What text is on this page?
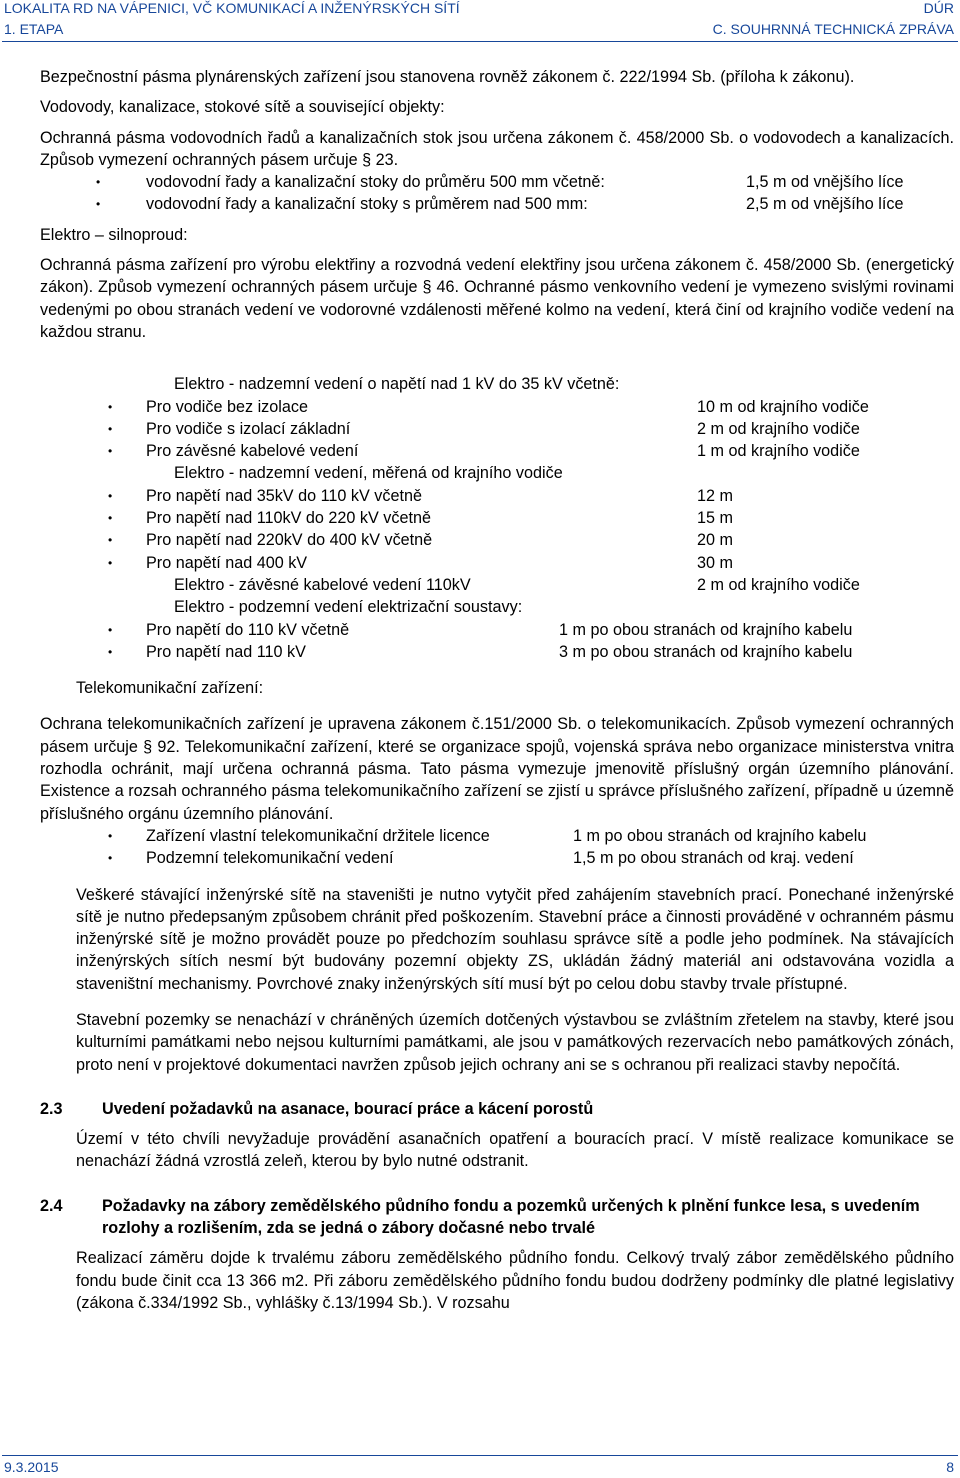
LOKALITA RD NA VÁPENICI, VČ KOMUNIKACÍ A INŽENÝRSKÝCH SÍTÍ	DÚR
1. ETAPA	C. SOUHRNNÁ TECHNICKÁ ZPRÁVA

Bezpečnostní pásma plynárenských zařízení jsou stanovena rovněž zákonem č. 222/1994 Sb. (příloha k zákonu).

Vodovody, kanalizace, stokové sítě a související objekty:

Ochranná pásma vodovodních řadů a kanalizačních stok jsou určena zákonem č. 458/2000 Sb. o vodovodech a kanalizacích. Způsob vymezení ochranných pásem určuje § 23.

•	vodovodní řady a kanalizační stoky do průměru 500 mm včetně:	1,5 m od vnějšího líce
•	vodovodní řady a kanalizační stoky s průměrem nad 500 mm:	2,5 m od vnějšího líce

Elektro – silnoproud:

Ochranná pásma zařízení pro výrobu elektřiny a rozvodná vedení elektřiny jsou určena zákonem č. 458/2000 Sb. (energetický zákon). Způsob vymezení ochranných pásem určuje § 46. Ochranné pásmo venkovního vedení je vymezeno svislými rovinami vedenými po obou stranách vedení ve vodorovné vzdálenosti měřené kolmo na vedení, která činí od krajního vodiče vedení na každou stranu.

Elektro - nadzemní vedení o napětí nad 1 kV do 35 kV včetně:
• Pro vodiče bez izolace	10 m od krajního vodiče
• Pro vodiče s izolací základní	2 m od krajního vodiče
• Pro závěsné kabelové vedení	1 m od krajního vodiče
Elektro - nadzemní vedení, měřená od krajního vodiče
• Pro napětí nad 35kV do 110 kV včetně	12 m
• Pro napětí nad 110kV do 220 kV včetně	15 m
• Pro napětí nad 220kV do 400 kV včetně	20 m
• Pro napětí nad 400 kV	30 m
Elektro - závěsné kabelové vedení 110kV	2 m od krajního vodiče
Elektro - podzemní vedení elektrizační soustavy:
• Pro napětí do 110 kV včetně	1 m po obou stranách od krajního kabelu
• Pro napětí nad 110 kV	3 m po obou stranách od krajního kabelu
Telekomunikační zařízení:

Ochrana telekomunikačních zařízení je upravena zákonem č.151/2000 Sb. o telekomunikacích. Způsob vymezení ochranných pásem určuje § 92. Telekomunikační zařízení, které se organizace spojů, vojenská správa nebo organizace ministerstva vnitra rozhodla ochránit, mají určena ochranná pásma. Tato pásma vymezuje jmenovitě příslušný orgán územního plánování. Existence a rozsah ochranného pásma telekomunikačního zařízení se zjistí u správce příslušného zařízení, případně u územně příslušného orgánu územního plánování.

• Zařízení vlastní telekomunikační držitele licence	1 m po obou stranách od krajního kabelu
• Podzemní telekomunikační vedení	1,5 m po obou stranách od kraj. vedení

Veškeré stávající inženýrské sítě na staveništi je nutno vytyčit před zahájením stavebních prací. Ponechané inženýrské sítě je nutno předepsaným způsobem chránit před poškozením. Stavební práce a činnosti prováděné v ochranném pásmu inženýrské sítě je možno provádět pouze po předchozím souhlasu správce sítě a podle jeho podmínek. Na stávajících inženýrských sítích nesmí být budovány pozemní objekty ZS, ukládán žádný materiál ani odstavována vozidla a staveništní mechanismy. Povrchové znaky inženýrských sítí musí být po celou dobu stavby trvale přístupné.

Stavební pozemky se nenachází v chráněných územích dotčených výstavbou se zvláštním zřetelem na stavby, které jsou kulturními památkami nebo nejsou kulturními památkami, ale jsou v památkových rezervacích nebo památkových zónách, proto není v projektové dokumentaci navržen způsob jejich ochrany ani se s ochranou při realizaci stavby nepočítá.

2.3 Uvedení požadavků na asanace, bourací práce a kácení porostů

Území v této chvíli nevyžaduje provádění asanačních opatření a bouracích prací. V místě realizace komunikace se nenachází žádná vzrostlá zeleň, kterou by bylo nutné odstranit.

2.4 Požadavky na zábory zemědělského půdního fondu a pozemků určených k plnění funkce lesa, s uvedením rozlohy a rozlišením, zda se jedná o zábory dočasné nebo trvalé

Realizací záměru dojde k trvalému záboru zemědělského půdního fondu. Celkový trvalý zábor zemědělského půdního fondu bude činit cca 13 366 m2. Při záboru zemědělského půdního fondu budou dodrženy podmínky dle platné legislativy (zákona č.334/1992 Sb., vyhlášky č.13/1994 Sb.). V rozsahu

9.3.2015	8
